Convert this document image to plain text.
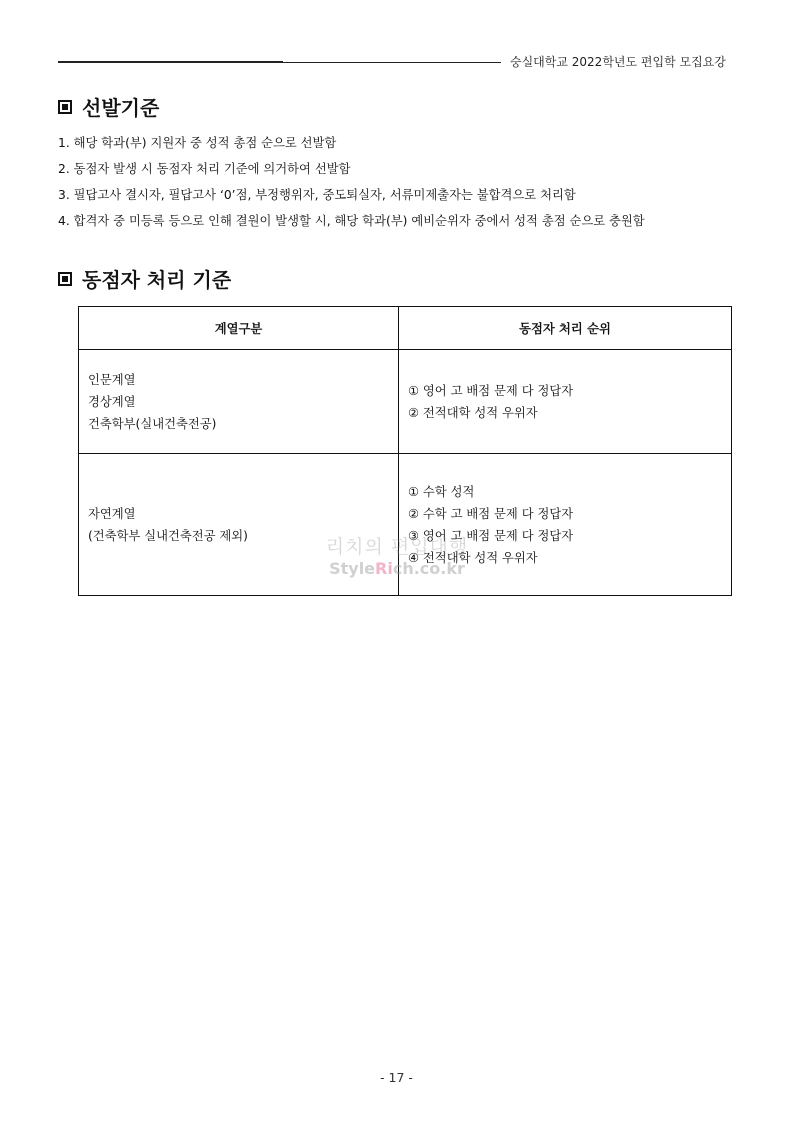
숭실대학교 2022학년도 편입학 모집요강
선발기준
1. 해당 학과(부) 지원자 중 성적 총점 순으로 선발함
2. 동점자 발생 시 동점자 처리 기준에 의거하여 선발함
3. 필답고사 결시자, 필답고사 ‘0’점, 부정행위자, 중도퇴실자, 서류미제출자는 불합격으로 처리함
4. 합격자 중 미등록 등으로 인해 결원이 발생할 시, 해당 학과(부) 예비순위자 중에서 성적 총점 순으로 충원함
동점자 처리 기준
계열구분	동점자 처리 순위

인문계열
경상계열
건축학부(실내건축전공)	① 영어 고 배점 문제 다 정답자
② 전적대학 성적 우위자

자연계열
(건축학부 실내건축전공 제외)	① 수학 성적
② 수학 고 배점 문제 다 정답자
③ 영어 고 배점 문제 다 정답자
④ 전적대학 성적 우위자
리치의 편입대행
StyleRich.co.kr
- 17 -
